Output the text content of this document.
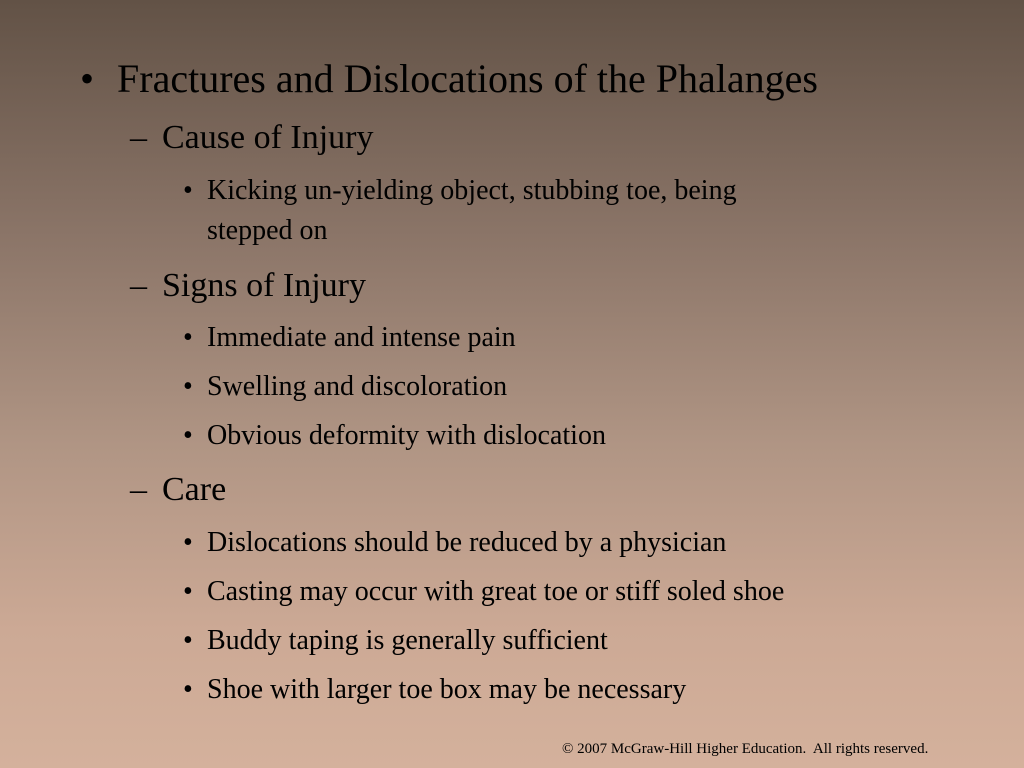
• Fractures and Dislocations of the Phalanges
– Cause of Injury
• Kicking un-yielding object, stubbing toe, being
stepped on
– Signs of Injury
• Immediate and intense pain
• Swelling and discoloration
• Obvious deformity with dislocation
– Care
• Dislocations should be reduced by a physician
• Casting may occur with great toe or stiff soled shoe
• Buddy taping is generally sufficient
• Shoe with larger toe box may be necessary
© 2007 McGraw-Hill Higher Education.  All rights reserved.
